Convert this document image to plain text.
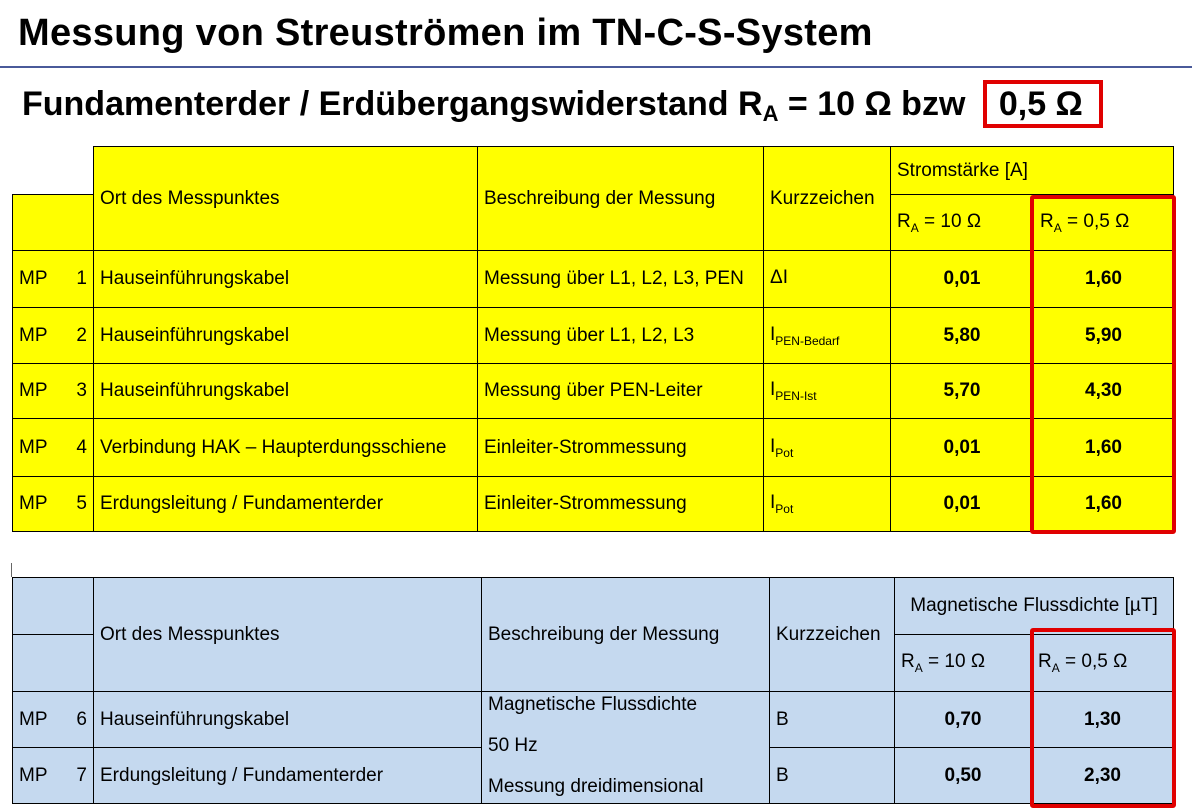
Messung von Streuströmen im TN-C-S-System
Fundamenterder / Erdübergangswiderstand $R_A = 10$ Ω bzw 0,5 Ω
	Ort des Messpunktes	Beschreibung der Messung	Kurzzeichen	Stromstärke [A]	
				$R_A = 10$ Ω	$R_A = 0,5$ Ω

MP 1	Hauseinführungskabel	Messung über L1, L2, L3, PEN	ΔI	0,01	1,60

MP 2	Hauseinführungskabel	Messung über L1, L2, L3	$I_{PEN-Bedarf}$	5,80	5,90

MP 3	Hauseinführungskabel	Messung über PEN-Leiter	$I_{PEN-Ist}$	5,70	4,30

MP 4	Verbindung HAK – Haupterdungsschiene	Einleiter-Strommessung	$I_{Pot}$	0,01	1,60

MP 5	Erdungsleitung / Fundamenterder	Einleiter-Strommessung	$I_{Pot}$	0,01	1,60
	Ort des Messpunktes	Beschreibung der Messung	Kurzzeichen	Magnetische Flussdichte [µT]	
				$R_A = 10$ Ω	$R_A = 0,5$ Ω

MP 6	Hauseinführungskabel	Magnetische Flussdichte
50 Hz
Messung dreidimensional	B	0,70	1,30

MP 7	Erdungsleitung / Fundamenterder		B	0,50	2,30
